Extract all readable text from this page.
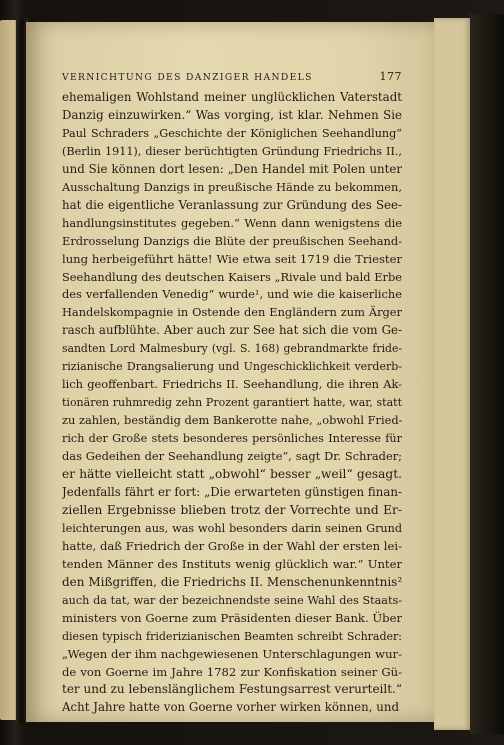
VERNICHTUNG DES DANZIGER HANDELS	177
ehemaligen Wohlstand meiner unglücklichen Vaterstadt
Danzig einzuwirken.“ Was vorging, ist klar. Nehmen Sie
Paul Schraders „Geschichte der Königlichen Seehandlung“
(Berlin 1911), dieser berüchtigten Gründung Friedrichs II.,
und Sie können dort lesen: „Den Handel mit Polen unter
Ausschaltung Danzigs in preußische Hände zu bekommen,
hat die eigentliche Veranlassung zur Gründung des See-
handlungsinstitutes gegeben.“ Wenn dann wenigstens die
Erdrosselung Danzigs die Blüte der preußischen Seehand-
lung herbeigeführt hätte! Wie etwa seit 1719 die Triester
Seehandlung des deutschen Kaisers „Rivale und bald Erbe
des verfallenden Venedig“ wurde¹, und wie die kaiserliche
Handelskompagnie in Ostende den Engländern zum Ärger
rasch aufblühte. Aber auch zur See hat sich die vom Ge-
sandten Lord Malmesbury (vgl. S. 168) gebrandmarkte fride-
rizianische Drangsalierung und Ungeschicklichkeit verderb-
lich geoffenbart. Friedrichs II. Seehandlung, die ihren Ak-
tionären ruhmredig zehn Prozent garantiert hatte, war, statt
zu zahlen, beständig dem Bankerotte nahe, „obwohl Fried-
rich der Große stets besonderes persönliches Interesse für
das Gedeihen der Seehandlung zeigte“, sagt Dr. Schrader;
er hätte vielleicht statt „obwohl“ besser „weil“ gesagt.
Jedenfalls fährt er fort: „Die erwarteten günstigen finan-
ziellen Ergebnisse blieben trotz der Vorrechte und Er-
leichterungen aus, was wohl besonders darin seinen Grund
hatte, daß Friedrich der Große in der Wahl der ersten lei-
tenden Männer des Instituts wenig glücklich war.“ Unter
den Mißgriffen, die Friedrichs II. Menschenunkenntnis²
auch da tat, war der bezeichnendste seine Wahl des Staats-
ministers von Goerne zum Präsidenten dieser Bank. Über
diesen typisch friderizianischen Beamten schreibt Schrader:
„Wegen der ihm nachgewiesenen Unterschlagungen wur-
de von Goerne im Jahre 1782 zur Konfiskation seiner Gü-
ter und zu lebenslänglichem Festungsarrest verurteilt.“
Acht Jahre hatte von Goerne vorher wirken können, und
